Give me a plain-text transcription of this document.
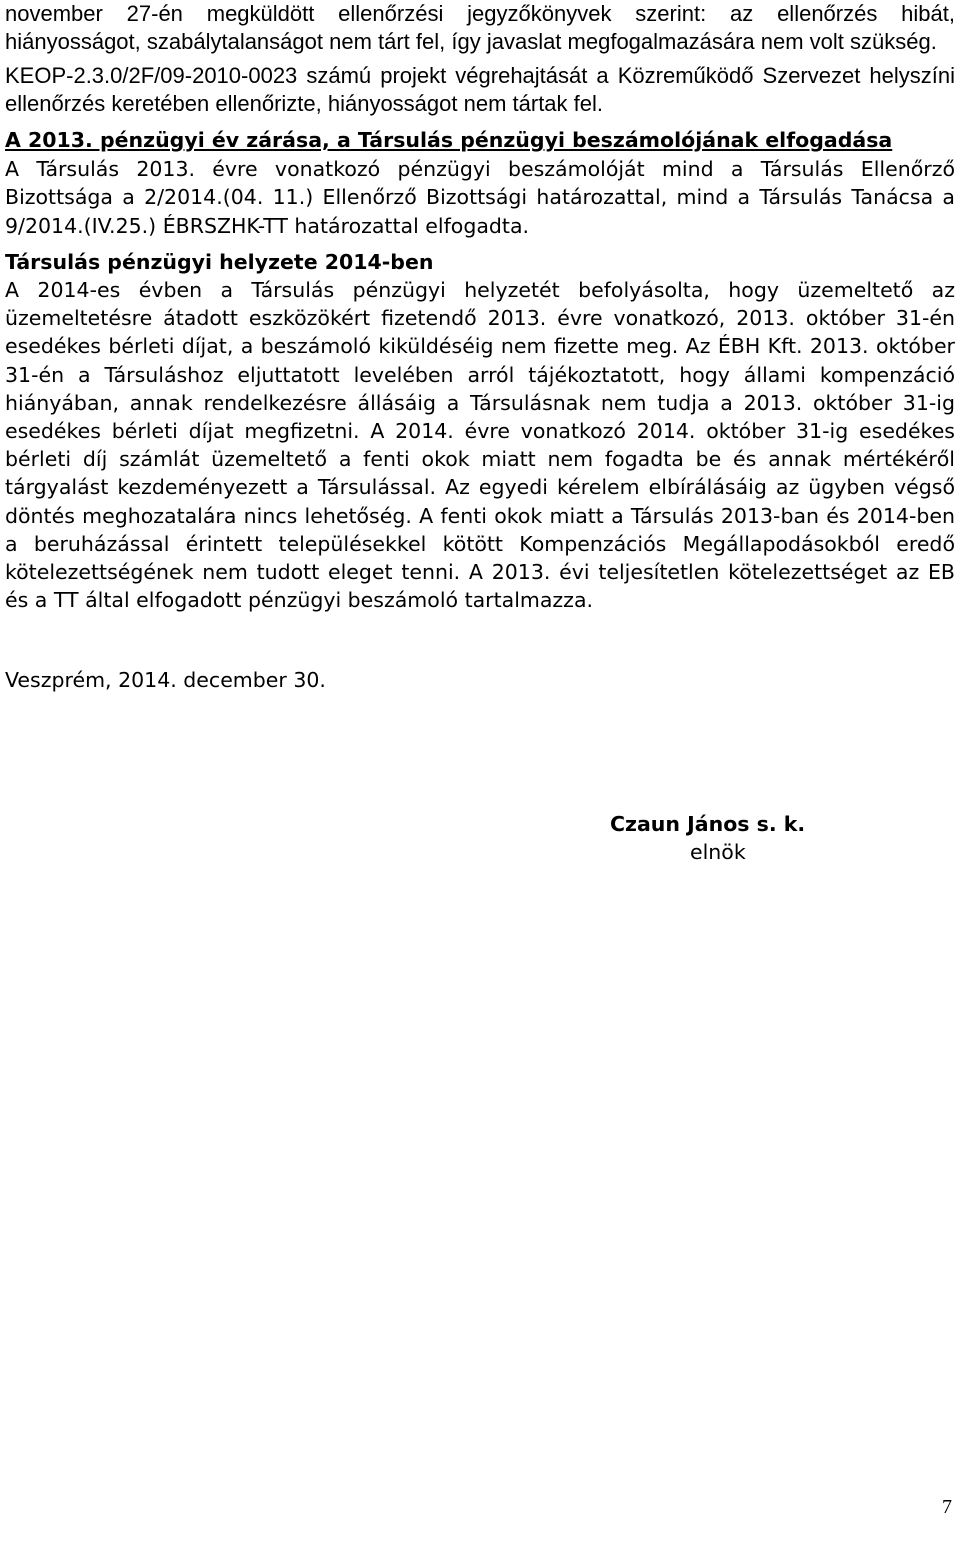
november 27-én megküldött ellenőrzési jegyzőkönyvek szerint: az ellenőrzés hibát, hiányosságot, szabálytalanságot nem tárt fel, így javaslat megfogalmazására nem volt szükség.

KEOP-2.3.0/2F/09-2010-0023 számú projekt végrehajtását a Közreműködő Szervezet helyszíni ellenőrzés keretében ellenőrizte, hiányosságot nem tártak fel.

A 2013. pénzügyi év zárása, a Társulás pénzügyi beszámolójának elfogadása

A Társulás 2013. évre vonatkozó pénzügyi beszámolóját mind a Társulás Ellenőrző Bizottsága a 2/2014.(04. 11.) Ellenőrző Bizottsági határozattal, mind a Társulás Tanácsa a 9/2014.(IV.25.) ÉBRSZHK-TT határozattal elfogadta.

Társulás pénzügyi helyzete 2014-ben

A 2014-es évben a Társulás pénzügyi helyzetét befolyásolta, hogy üzemeltető az üzemeltetésre átadott eszközökért fizetendő 2013. évre vonatkozó, 2013. október 31-én esedékes bérleti díjat, a beszámoló kiküldéséig nem fizette meg. Az ÉBH Kft. 2013. október 31-én a Társuláshoz eljuttatott levelében arról tájékoztatott, hogy állami kompenzáció hiányában, annak rendelkezésre állásáig a Társulásnak nem tudja a 2013. október 31-ig esedékes bérleti díjat megfizetni. A 2014. évre vonatkozó 2014. október 31-ig esedékes bérleti díj számlát üzemeltető a fenti okok miatt nem fogadta be és annak mértékéről tárgyalást kezdeményezett a Társulással. Az egyedi kérelem elbírálásáig az ügyben végső döntés meghozatalára nincs lehetőség. A fenti okok miatt a Társulás 2013-ban és 2014-ben a beruházással érintett településekkel kötött Kompenzációs Megállapodásokból eredő kötelezettségének nem tudott eleget tenni. A 2013. évi teljesítetlen kötelezettséget az EB és a TT által elfogadott pénzügyi beszámoló tartalmazza.

Veszprém, 2014. december 30.

Czaun János s. k.
elnök
7
